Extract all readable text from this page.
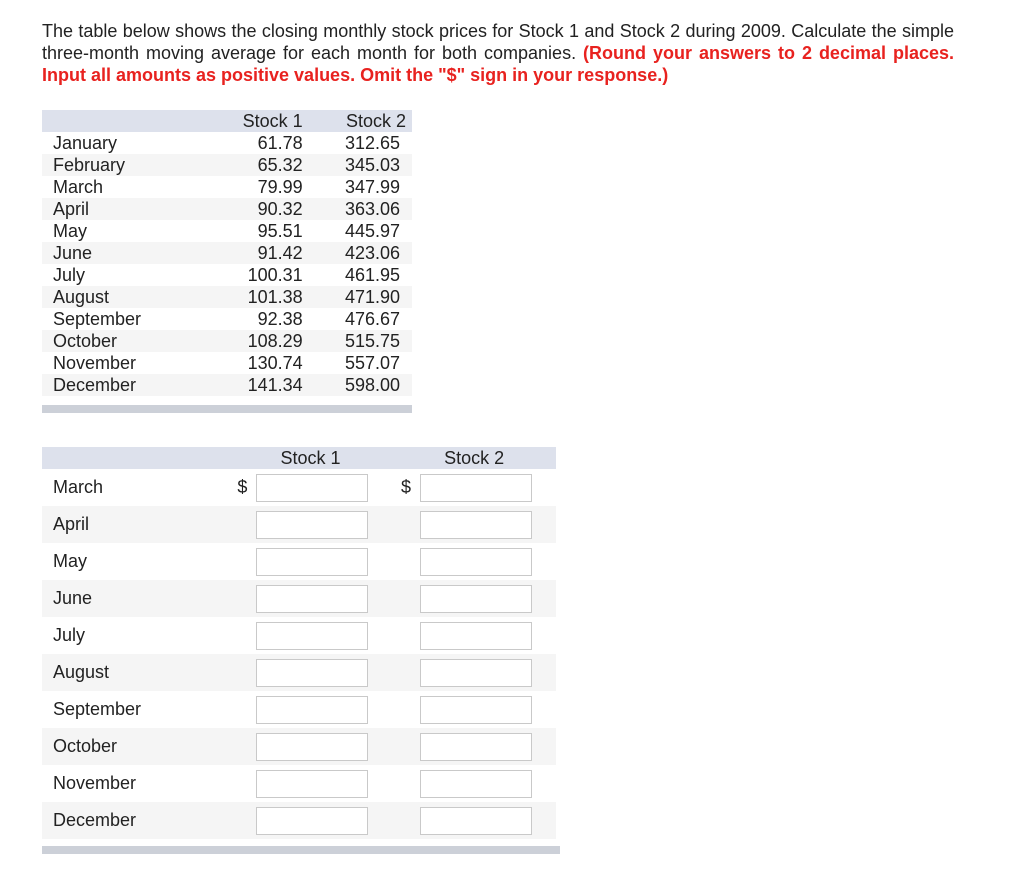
The table below shows the closing monthly stock prices for Stock 1 and Stock 2 during 2009. Calculate the simple three-month moving average for each month for both companies. (Round your answers to 2 decimal places. Input all amounts as positive values. Omit the "$" sign in your response.)

	Stock 1	Stock 2
January	61.78	312.65
February	65.32	345.03
March	79.99	347.99
April	90.32	363.06
May	95.51	445.97
June	91.42	423.06
July	100.31	461.95
August	101.38	471.90
September	92.38	476.67
October	108.29	515.75
November	130.74	557.07
December	141.34	598.00
	Stock 1		Stock 2	
March	$		$	
April				
May				
June				
July				
August				
September				
October				
November				
December				
